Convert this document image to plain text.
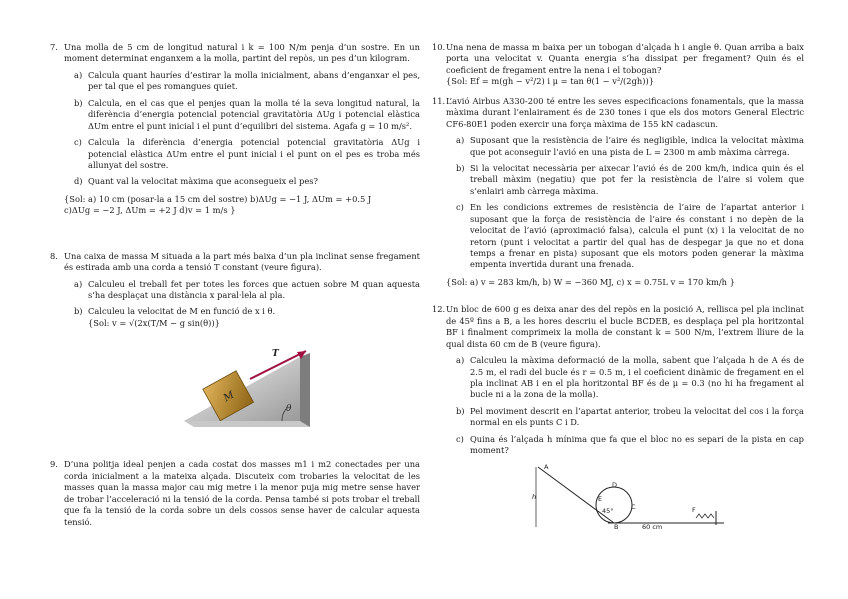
7. Una molla de 5 cm de longitud natural i k = 100 N/m penja d’un sostre. En un moment determinat enganxem a la molla, partint del repòs, un pes d’un kilogram.
a) Calcula quant hauríes d’estirar la molla inicialment, abans d’enganxar el pes, per tal que el pes romangues quiet.
b) Calcula, en el cas que el penjes quan la molla té la seva longitud natural, la diferència d’energia potencial potencial gravitatòria ΔUg i potencial elàstica ΔUm entre el punt inicial i el punt d’equilibri del sistema. Agafa g = 10 m/s².
c) Calcula la diferència d’energia potencial potencial gravitatòria ΔUg i potencial elàstica ΔUm entre el punt inicial i el punt on el pes es troba més allunyat del sostre.
d) Quant val la velocitat màxima que aconsegueix el pes?
{Sol: a) 10 cm (posar-la a 15 cm del sostre) b)ΔUg = −1 J, ΔUm = +0.5 J
c)ΔUg = −2 J, ΔUm = +2 J d)v = 1 m/s }
8. Una caixa de massa M situada a la part més baixa d’un pla inclinat sense fregament és estirada amb una corda a tensió T constant (veure figura).
a) Calculeu el treball fet per totes les forces que actuen sobre M quan aquesta s’ha desplaçat una distància x paral·lela al pla.
b) Calculeu la velocitat de M en funció de x i θ.
{Sol: v = √(2x(T/M − g sin(θ))}
M
T
θ
9. D’una politja ideal penjen a cada costat dos masses m1 i m2 conectades per una corda inicialment a la mateixa alçada. Discuteix com trobaries la velocitat de les masses quan la massa major cau mig metre i la menor puja mig metre sense haver de trobar l’acceleració ni la tensió de la corda. Pensa també si pots trobar el treball que fa la tensió de la corda sobre un dels cossos sense haver de calcular aquesta tensió.
10. Una nena de massa m baixa per un tobogan d’alçada h i angle θ. Quan arriba a baix porta una velocitat v. Quanta energia s’ha dissipat per fregament? Quin és el coeficient de fregament entre la nena i el tobogan?
{Sol: Ef = m(gh − v²/2) i μ = tan θ(1 − v²/(2gh))}
11. L’avió Airbus A330-200 té entre les seves especificacions fonamentals, que la massa màxima durant l’enlairament és de 230 tones i que els dos motors General Electric CF6-80E1 poden exercir una força màxima de 155 kN cadascun.
a) Suposant que la resistència de l’aire és negligible, indica la velocitat màxima que pot aconseguir l’avió en una pista de L = 2300 m amb màxima càrrega.
b) Si la velocitat necessària per aixecar l’avió és de 200 km/h, indica quin és el treball màxim (negatiu) que pot fer la resistència de l’aire si volem que s’enlairi amb càrrega màxima.
c) En les condicions extremes de resistència de l’aire de l’apartat anterior i suposant que la força de resistència de l’aire és constant i no depèn de la velocitat de l’avió (aproximació falsa), calcula el punt (x) i la velocitat de no retorn (punt i velocitat a partir del qual has de despegar ja que no et dona temps a frenar en pista) suposant que els motors poden generar la màxima empenta invertida durant una frenada.
{Sol: a) v = 283 km/h, b) W = −360 MJ, c) x = 0.75L v = 170 km/h }
12. Un bloc de 600 g es deixa anar des del repòs en la posició A, rellisca pel pla inclinat de 45º fins a B, a les hores descriu el bucle BCDEB, es desplaça pel pla horitzontal BF i finalment comprimeix la molla de constant k = 500 N/m, l’extrem lliure de la qual dista 60 cm de B (veure figura).
a) Calculeu la màxima deformació de la molla, sabent que l’alçada h de A és de 2.5 m, el radi del bucle és r = 0.5 m, i el coeficient dinàmic de fregament en el pla inclinat AB i en el pla horitzontal BF és de μ = 0.3 (no hi ha fregament al bucle ni a la zona de la molla).
b) Pel moviment descrit en l’apartat anterior, trobeu la velocitat del cos i la força normal en els punts C i D.
c) Quina és l’alçada h mínima que fa que el bloc no es separi de la pista en cap moment?
A
h
45°
B
C
D
E
F
60 cm
